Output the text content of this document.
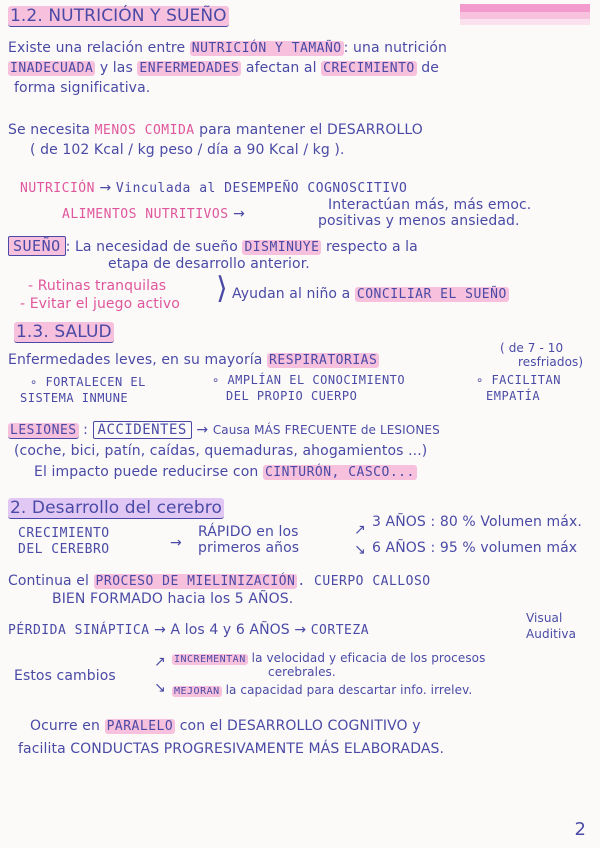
1.2. NUTRICIÓN Y SUEÑO
Existe una relación entre NUTRICIÓN Y TAMAÑO : una nutrición
INADECUADA y las ENFERMEDADES afectan al CRECIMIENTO de
forma significativa.
Se necesita MENOS COMIDA para mantener el DESARROLLO
( de 102 Kcal / kg peso / día a 90 Kcal / kg ).
NUTRICIÓN → Vinculada al DESEMPEÑO COGNOSCITIVO
ALIMENTOS NUTRITIVOS →
Interactúan más, más emoc.
positivas y menos ansiedad.
SUEÑO : La necesidad de sueño DISMINUYE respecto a la
etapa de desarrollo anterior.
- Rutinas tranquilas
- Evitar el juego activo ⟩ Ayudan al niño a CONCILIAR EL SUEÑO
1.3. SALUD
Enfermedades leves, en su mayoría RESPIRATORIAS
( de 7 - 10
resfriados)
∘ FORTALECEN EL
SISTEMA INMUNE
∘ AMPLÍAN EL CONOCIMIENTO
DEL PROPIO CUERPO
∘ FACILITAN
EMPATÍA
LESIONES : ACCIDENTES → Causa MÁS FRECUENTE de LESIONES
(coche, bici, patín, caídas, quemaduras, ahogamientos ...)
El impacto puede reducirse con CINTURÓN, CASCO...
2. Desarrollo del cerebro
CRECIMIENTO
DEL CEREBRO	→
RÁPIDO en los
primeros años
↗
↘
3 AÑOS : 80 % Volumen máx.
6 AÑOS : 95 % volumen máx
Continua el PROCESO DE MIELINIZACIÓN . CUERPO CALLOSO
BIEN FORMADO hacia los 5 AÑOS.
PÉRDIDA SINÁPTICA → A los 4 y 6 AÑOS → CORTEZA
Visual
Auditiva
Estos cambios
↗
↘
INCREMENTAN la velocidad y eficacia de los procesos
cerebrales.
MEJORAN la capacidad para descartar info. irrelev.
Ocurre en PARALELO con el DESARROLLO COGNITIVO y
facilita CONDUCTAS PROGRESIVAMENTE MÁS ELABORADAS.
2
